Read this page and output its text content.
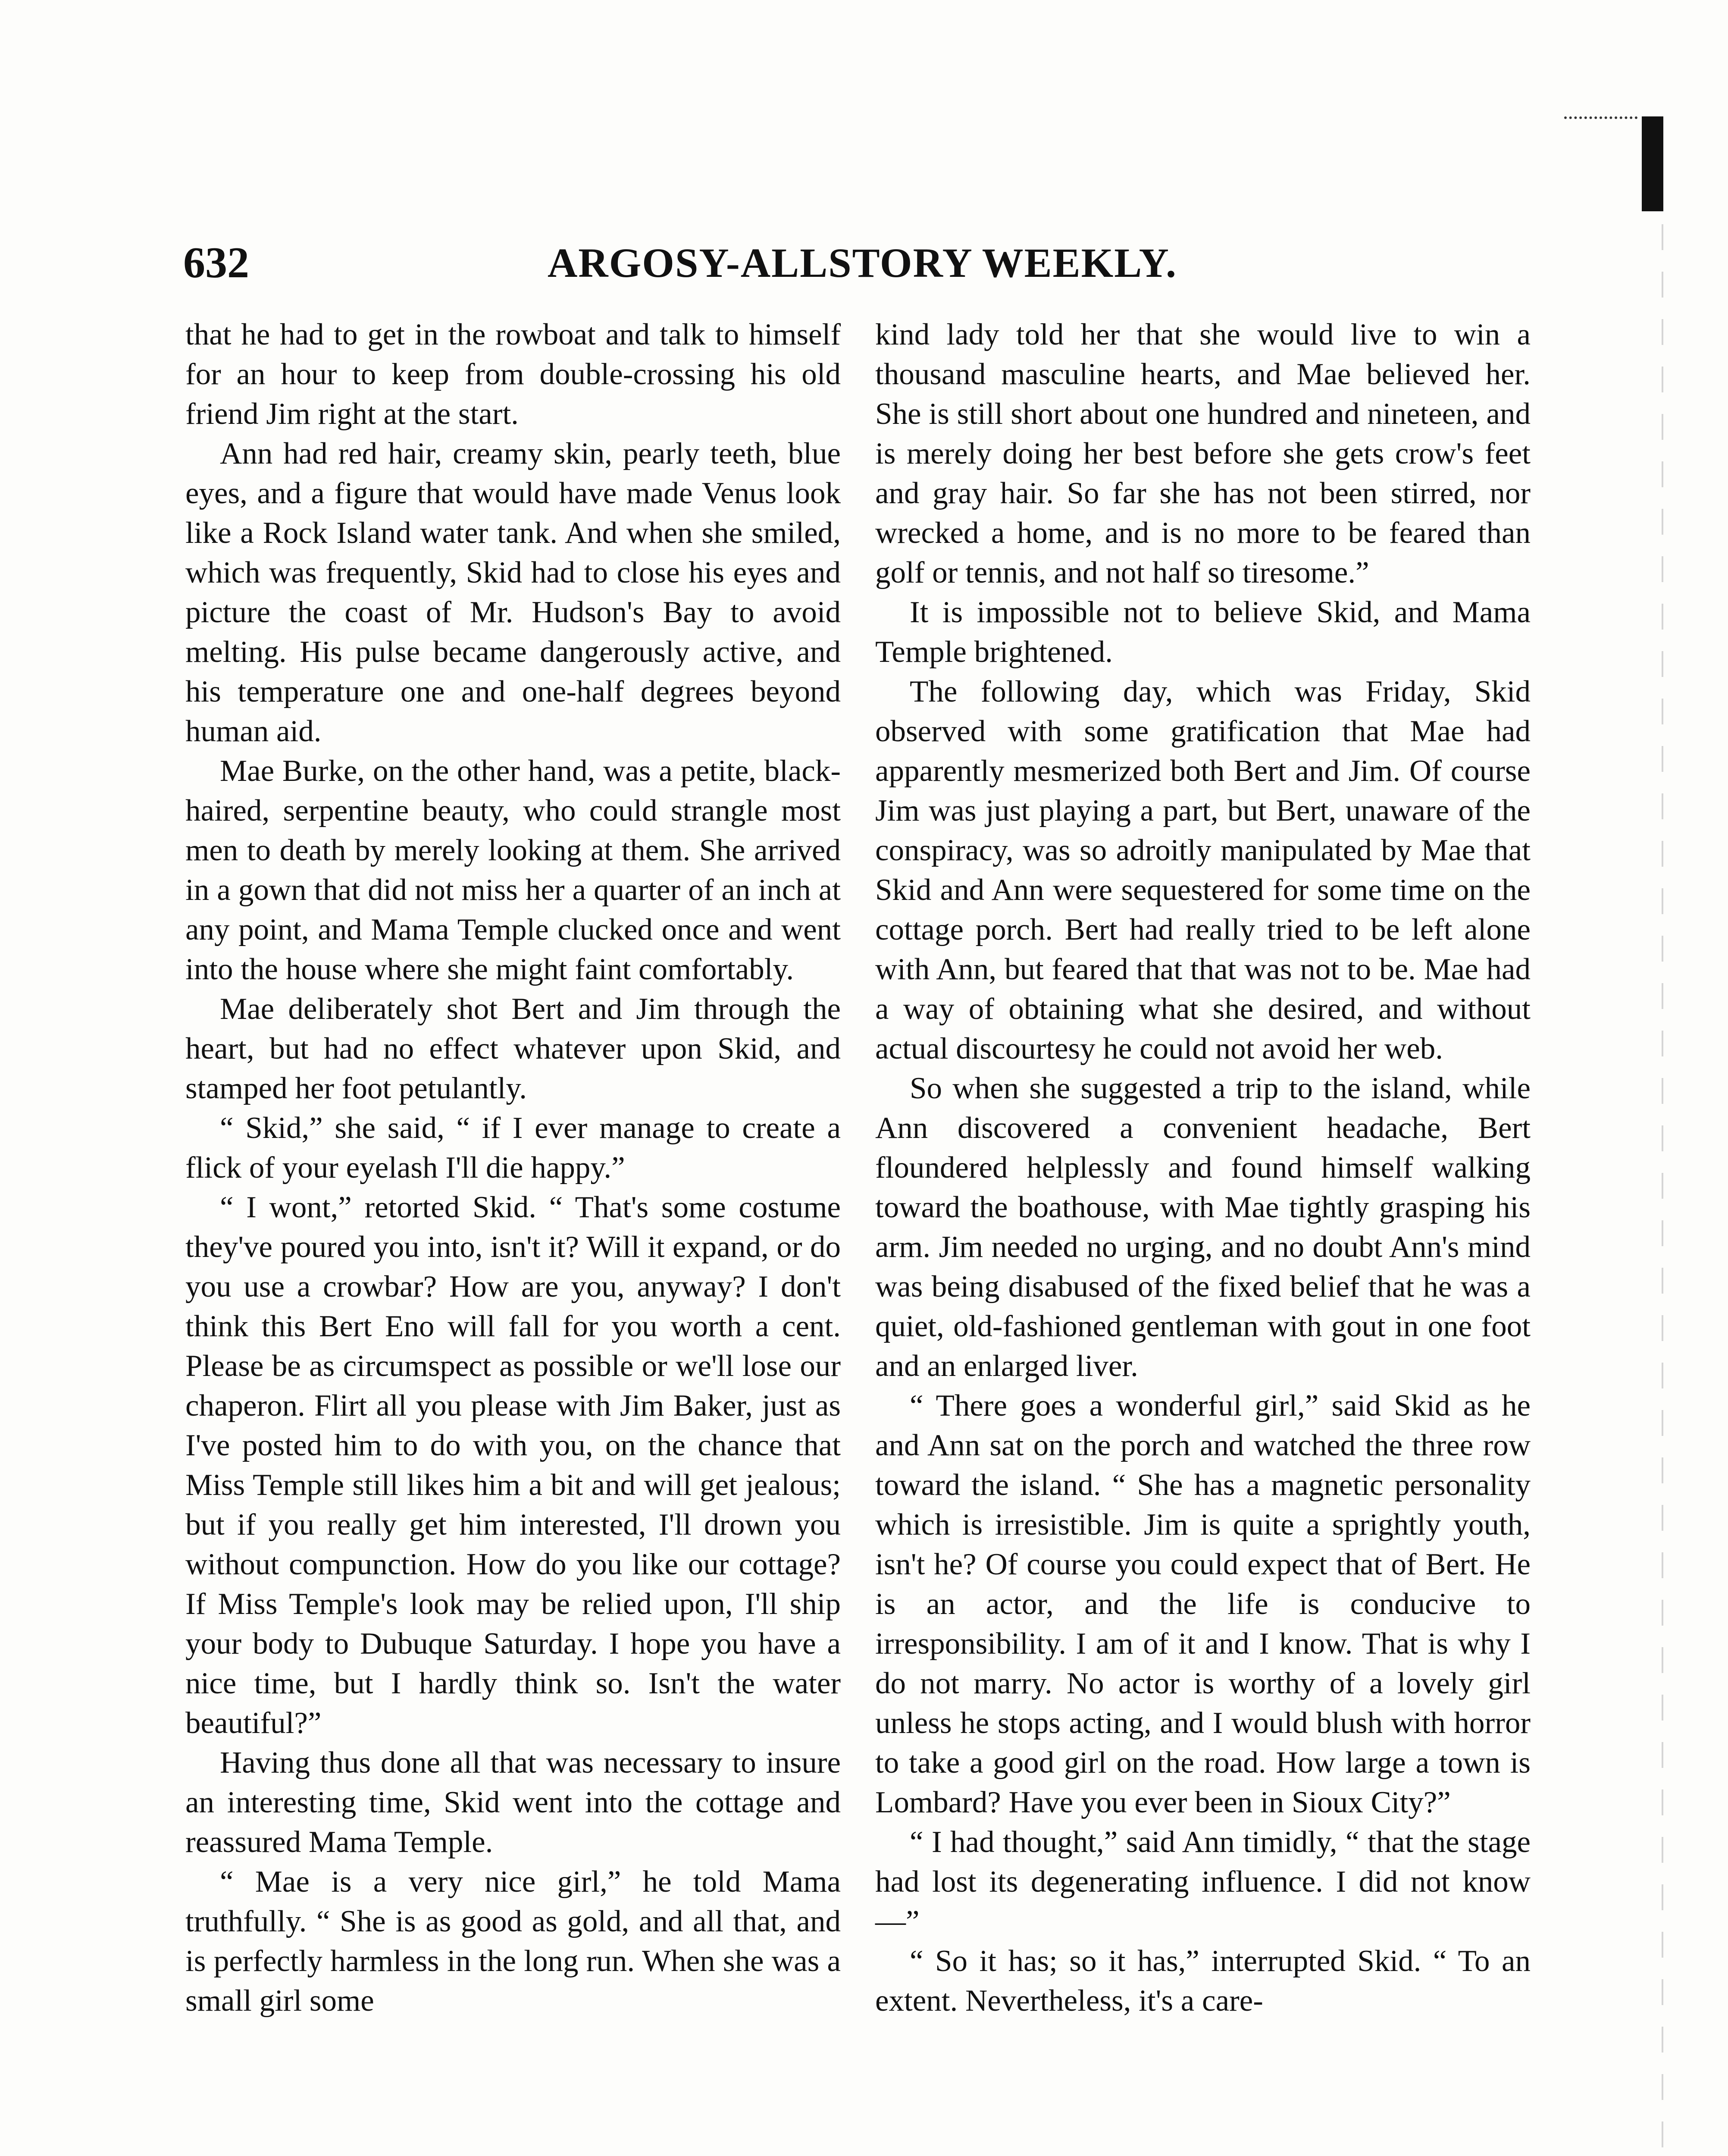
632	ARGOSY-ALLSTORY WEEKLY.

that he had to get in the rowboat and talk to himself for an hour to keep from double-crossing his old friend Jim right at the start.

Ann had red hair, creamy skin, pearly teeth, blue eyes, and a figure that would have made Venus look like a Rock Island water tank. And when she smiled, which was frequently, Skid had to close his eyes and picture the coast of Mr. Hudson's Bay to avoid melting. His pulse became dangerously active, and his temperature one and one-half degrees beyond human aid.

Mae Burke, on the other hand, was a petite, black-haired, serpentine beauty, who could strangle most men to death by merely looking at them. She arrived in a gown that did not miss her a quarter of an inch at any point, and Mama Temple clucked once and went into the house where she might faint comfortably.

Mae deliberately shot Bert and Jim through the heart, but had no effect whatever upon Skid, and stamped her foot petulantly.

“ Skid,” she said, “ if I ever manage to create a flick of your eyelash I'll die happy.”

“ I wont,” retorted Skid. “ That's some costume they've poured you into, isn't it? Will it expand, or do you use a crowbar? How are you, anyway? I don't think this Bert Eno will fall for you worth a cent. Please be as circumspect as possible or we'll lose our chaperon. Flirt all you please with Jim Baker, just as I've posted him to do with you, on the chance that Miss Temple still likes him a bit and will get jealous; but if you really get him interested, I'll drown you without compunction. How do you like our cottage? If Miss Temple's look may be relied upon, I'll ship your body to Dubuque Saturday. I hope you have a nice time, but I hardly think so. Isn't the water beautiful?”

Having thus done all that was necessary to insure an interesting time, Skid went into the cottage and reassured Mama Temple.

“ Mae is a very nice girl,” he told Mama truthfully. “ She is as good as gold, and all that, and is perfectly harmless in the long run. When she was a small girl some

kind lady told her that she would live to win a thousand masculine hearts, and Mae believed her. She is still short about one hundred and nineteen, and is merely doing her best before she gets crow's feet and gray hair. So far she has not been stirred, nor wrecked a home, and is no more to be feared than golf or tennis, and not half so tiresome.”

It is impossible not to believe Skid, and Mama Temple brightened.

The following day, which was Friday, Skid observed with some gratification that Mae had apparently mesmerized both Bert and Jim. Of course Jim was just playing a part, but Bert, unaware of the conspiracy, was so adroitly manipulated by Mae that Skid and Ann were sequestered for some time on the cottage porch. Bert had really tried to be left alone with Ann, but feared that that was not to be. Mae had a way of obtaining what she desired, and without actual discourtesy he could not avoid her web.

So when she suggested a trip to the island, while Ann discovered a convenient headache, Bert floundered helplessly and found himself walking toward the boathouse, with Mae tightly grasping his arm. Jim needed no urging, and no doubt Ann's mind was being disabused of the fixed belief that he was a quiet, old-fashioned gentleman with gout in one foot and an enlarged liver.

“ There goes a wonderful girl,” said Skid as he and Ann sat on the porch and watched the three row toward the island. “ She has a magnetic personality which is irresistible. Jim is quite a sprightly youth, isn't he? Of course you could expect that of Bert. He is an actor, and the life is conducive to irresponsibility. I am of it and I know. That is why I do not marry. No actor is worthy of a lovely girl unless he stops acting, and I would blush with horror to take a good girl on the road. How large a town is Lombard? Have you ever been in Sioux City?”

“ I had thought,” said Ann timidly, “ that the stage had lost its degenerating influence. I did not know—”

“ So it has; so it has,” interrupted Skid. “ To an extent. Nevertheless, it's a care-
